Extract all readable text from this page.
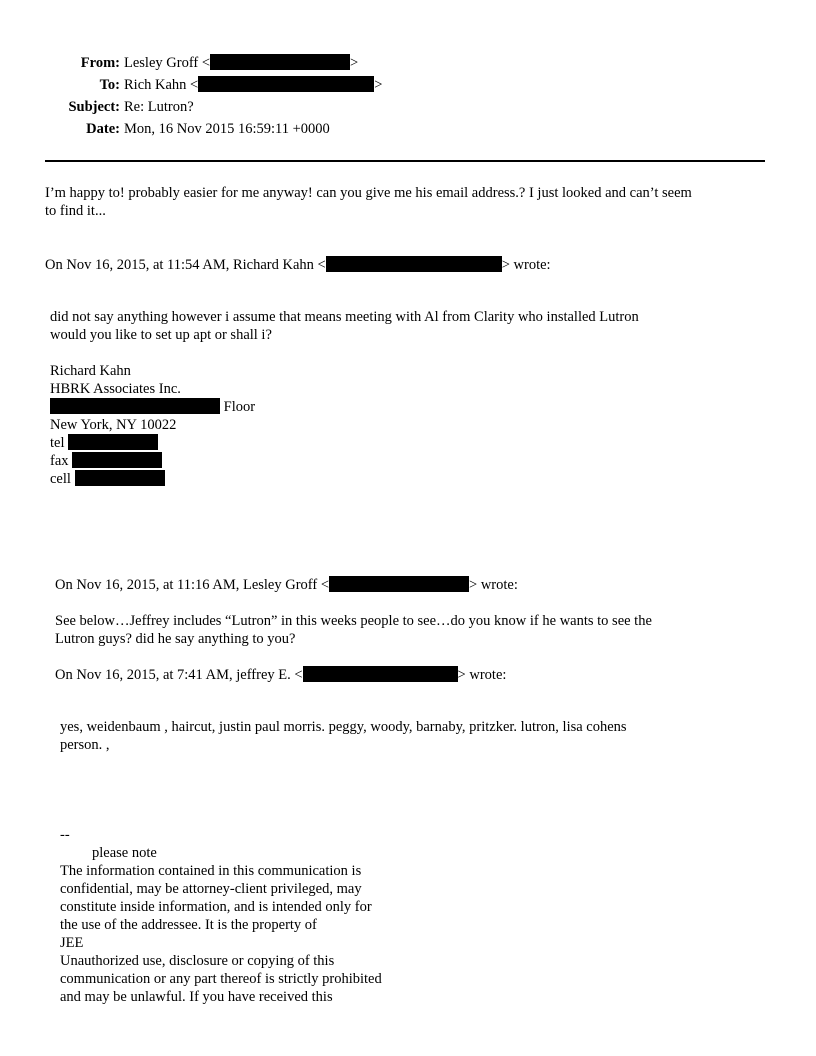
From: Lesley Groff <	>
To: Rich Kahn <	>
Subject: Re: Lutron?
Date: Mon, 16 Nov 2015 16:59:11 +0000
I’m happy to! probably easier for me anyway! can you give me his email address.? I just looked and can’t seem
to find it...
On Nov 16, 2015, at 11:54 AM, Richard Kahn <	> wrote:
did not say anything however i assume that means meeting with Al from Clarity who installed Lutron
would you like to set up apt or shall i?
Richard Kahn
HBRK Associates Inc.
Floor
New York, NY 10022
tel
fax
cell
On Nov 16, 2015, at 11:16 AM, Lesley Groff <	> wrote:
See below…Jeffrey includes “Lutron” in this weeks people to see…do you know if he wants to see the
Lutron guys? did he say anything to you?
On Nov 16, 2015, at 7:41 AM, jeffrey E. <	> wrote:
yes, weidenbaum , haircut, justin paul morris. peggy, woody, barnaby, pritzker. lutron, lisa cohens
person. ,
--
please note
The information contained in this communication is
confidential, may be attorney-client privileged, may
constitute inside information, and is intended only for
the use of the addressee. It is the property of
JEE
Unauthorized use, disclosure or copying of this
communication or any part thereof is strictly prohibited
and may be unlawful. If you have received this
